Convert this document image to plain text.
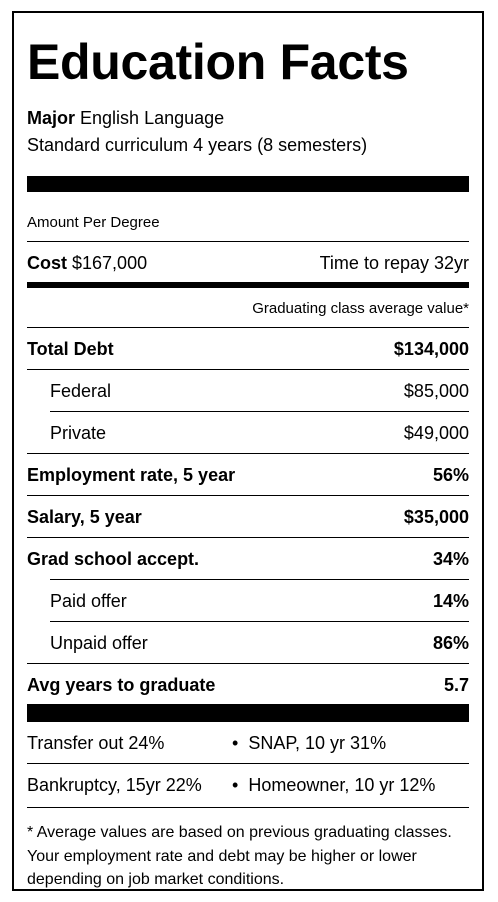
Education Facts
Major English Language
Standard curriculum 4 years (8 semesters)
Amount Per Degree
Cost $167,000	Time to repay 32yr
Graduating class average value*
Total Debt	$134,000
Federal	$85,000
Private	$49,000
Employment rate, 5 year	56%
Salary, 5 year	$35,000
Grad school accept.	34%
Paid offer	14%
Unpaid offer	86%
Avg years to graduate	5.7
Transfer out 24%	• SNAP, 10 yr 31%
Bankruptcy, 15yr 22% • Homeowner, 10 yr 12%
* Average values are based on previous graduating classes. Your employment rate and debt may be higher or lower depending on job market conditions.
